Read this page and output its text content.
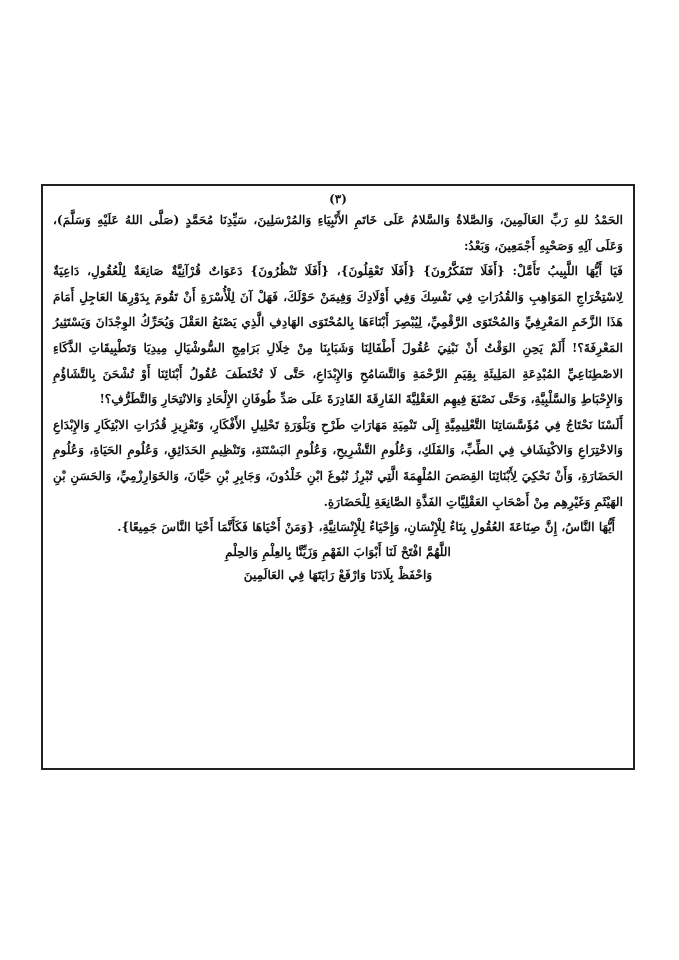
(٣)

الحَمْدُ للهِ رَبِّ العَالَمِينَ، وَالصَّلاةُ وَالسَّلامُ عَلَى خَاتَمِ الأَنْبِيَاءِ وَالمُرْسَلِينَ، سَيِّدِنَا مُحَمَّدٍ (صَلَّى اللهُ عَلَيْهِ وَسَلَّمَ)، وَعَلَى آلِهِ وَصَحْبِهِ أَجْمَعِينَ، وَبَعْدُ:

فَيَا أَيُّهَا اللَّبِيبُ تَأَمَّلْ: {أَفَلَا تَتَفَكَّرُونَ} {أَفَلَا تَعْقِلُونَ}، {أَفَلَا تَنْظُرُونَ} دَعَوَاتٌ قُرْآنِيَّةٌ صَانِعَةٌ لِلْعُقُولِ، دَاعِيَةٌ لِاسْتِخْرَاجِ المَوَاهِبِ وَالقُدُرَاتِ فِي نَفْسِكَ وَفِي أَوْلَادِكَ وَفِيمَنْ حَوْلَكَ، فَهَلْ آنَ لِلْأُسْرَةِ أَنْ تَقُومَ بِدَوْرِهَا العَاجِلِ أَمَامَ هَذَا الزَّخَمِ المَعْرِفِيِّ وَالمُحْتَوَى الرَّقْمِيِّ، لِيُبْصِرَ أَبْنَاءَهَا بِالمُحْتَوَى الهَادِفِ الَّذِي يَصْنَعُ العَقْلَ وَيُحَرِّكُ الوِجْدَانَ وَيَسْتَثِيرُ المَعْرِفَةَ؟! أَلَمْ يَحِنِ الوَقْتُ أَنْ نَبْنِيَ عُقُولَ أَطْفَالِنَا وَشَبَابِنَا مِنْ خِلَالِ بَرَامِجِ السُّوشْيَالِ مِيدِيَا وَتَطْبِيقَاتِ الذَّكَاءِ الاصْطِنَاعِيِّ المُبْدِعَةِ المَلِيئَةِ بِقِيَمِ الرَّحْمَةِ وَالتَّسَامُحِ وَالإِبْدَاعِ، حَتَّى لَا تُخْتَطَفَ عُقُولُ أَبْنَائِنَا أَوْ تُشْحَنَ بِالتَّشَاؤُمِ وَالإِحْبَاطِ وَالسَّلْبِيَّةِ، وَحَتَّى نَصْنَعَ فِيهِم العَقْلِيَّةَ الفَارِقَةَ القَادِرَةَ عَلَى صَدِّ طُوفَانِ الإِلْحَادِ وَالانْتِحَارِ وَالتَّطَرُّفِ؟!

أَلَسْنَا نَحْتَاجُ فِي مُؤَسَّسَاتِنَا التَّعْلِيمِيَّةِ إِلَى تَنْمِيَةِ مَهَارَاتِ طَرْحِ وَبَلْوَرَةِ تَحْلِيلِ الأَفْكَارِ، وَتَعْزِيزِ قُدُرَاتِ الابْتِكَارِ وَالإِبْدَاعِ وَالاخْتِرَاعِ وَالاكْتِشَافِ فِي الطِّبِّ، وَالفَلَكِ، وَعُلُومِ التَّشْرِيحِ، وَعُلُومِ البَسْتَنَةِ، وَتَنْظِيمِ الحَدَائِقِ، وَعُلُومِ الحَيَاةِ، وَعُلُومِ الحَضَارَةِ، وَأَنْ نَحْكِيَ لِأَبْنَائِنَا القِصَصَ المُلْهِمَةَ الَّتِي تُبْرِزُ نُبُوغَ ابْنِ خَلْدُونَ، وَجَابِرِ بْنِ حَيَّانَ، وَالخَوَارِزْمِيِّ، وَالحَسَنِ بْنِ الهَيْثَمِ وَغَيْرِهِم مِنْ أَصْحَابِ العَقْلِيَّاتِ الفَذَّةِ الصَّانِعَةِ لِلْحَضَارَةِ.

أَيُّهَا النَّاسُ، إِنَّ صِنَاعَةَ العُقُولِ بِنَاءٌ لِلْإِنْسَانِ، وَإِحْيَاءٌ لِلْإِنْسَانِيَّةِ، {وَمَنْ أَحْيَاهَا فَكَأَنَّمَا أَحْيَا النَّاسَ جَمِيعًا}.

اللَّهُمَّ افْتَحْ لَنَا أَبْوَابَ الفَهْمِ وَزَيِّنَّا بِالعِلْمِ وَالحِلْمِ

وَاحْفَظْ بِلَادَنَا وَارْفَعْ رَايَتَهَا فِي العَالَمِينَ
